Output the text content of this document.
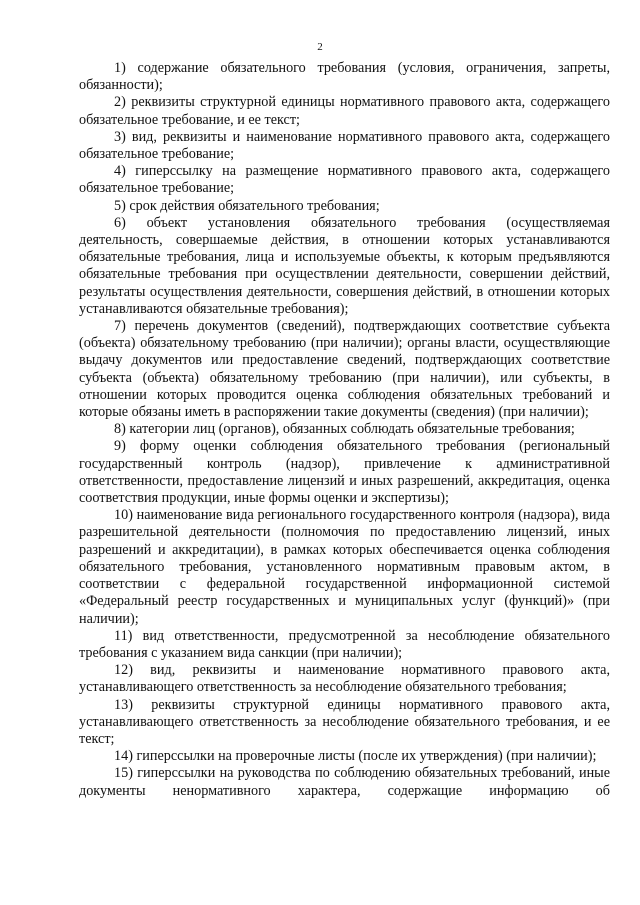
2

1) содержание обязательного требования (условия, ограничения, запреты, обязанности);

2) реквизиты структурной единицы нормативного правового акта, содержащего обязательное требование, и ее текст;

3) вид, реквизиты и наименование нормативного правового акта, содержащего обязательное требование;

4) гиперссылку на размещение нормативного правового акта, содержащего обязательное требование;

5) срок действия обязательного требования;

6) объект установления обязательного требования (осуществляемая деятельность, совершаемые действия, в отношении которых устанавливаются обязательные требования, лица и используемые объекты, к которым предъявляются обязательные требования при осуществлении деятельности, совершении действий, результаты осуществления деятельности, совершения действий, в отношении которых устанавливаются обязательные требования);

7) перечень документов (сведений), подтверждающих соответствие субъекта (объекта) обязательному требованию (при наличии); органы власти, осуществляющие выдачу документов или предоставление сведений, подтверждающих соответствие субъекта (объекта) обязательному требованию (при наличии), или субъекты, в отношении которых проводится оценка соблюдения обязательных требований и которые обязаны иметь в распоряжении такие документы (сведения) (при наличии);

8) категории лиц (органов), обязанных соблюдать обязательные требования;

9) форму оценки соблюдения обязательного требования (региональный государственный контроль (надзор), привлечение к административной ответственности, предоставление лицензий и иных разрешений, аккредитация, оценка соответствия продукции, иные формы оценки и экспертизы);

10) наименование вида регионального государственного контроля (надзора), вида разрешительной деятельности (полномочия по предоставлению лицензий, иных разрешений и аккредитации), в рамках которых обеспечивается оценка соблюдения обязательного требования, установленного нормативным правовым актом, в соответствии с федеральной государственной информационной системой «Федеральный реестр государственных и муниципальных услуг (функций)» (при наличии);

11) вид ответственности, предусмотренной за несоблюдение обязательного требования с указанием вида санкции (при наличии);

12) вид, реквизиты и наименование нормативного правового акта, устанавливающего ответственность за несоблюдение обязательного требования;

13) реквизиты структурной единицы нормативного правового акта, устанавливающего ответственность за несоблюдение обязательного требования, и ее текст;

14) гиперссылки на проверочные листы (после их утверждения) (при наличии);

15) гиперссылки на руководства по соблюдению обязательных требований, иные документы ненормативного характера, содержащие информацию об
